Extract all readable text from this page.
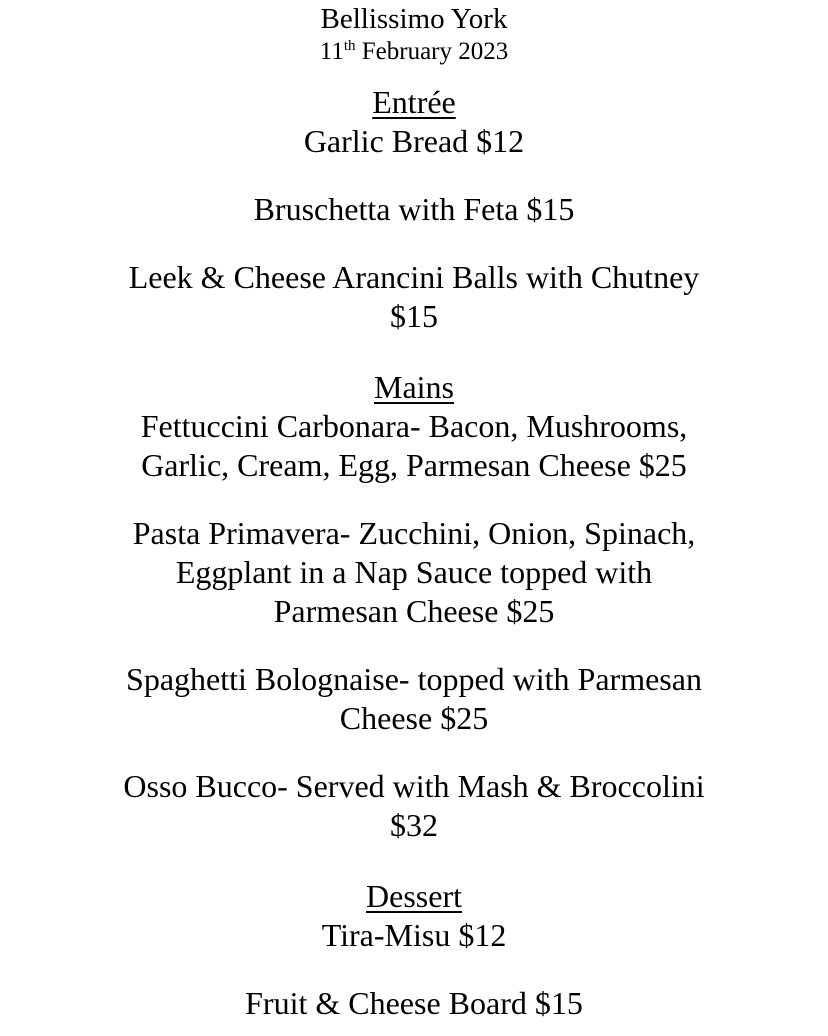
Bellissimo York
11th February 2023
Entrée
Garlic Bread $12
Bruschetta with Feta $15
Leek & Cheese Arancini Balls with Chutney
$15
Mains
Fettuccini Carbonara- Bacon, Mushrooms,
Garlic, Cream, Egg, Parmesan Cheese $25
Pasta Primavera- Zucchini, Onion, Spinach,
Eggplant in a Nap Sauce topped with
Parmesan Cheese $25
Spaghetti Bolognaise- topped with Parmesan
Cheese $25
Osso Bucco- Served with Mash & Broccolini
$32
Dessert
Tira-Misu $12
Fruit & Cheese Board $15
